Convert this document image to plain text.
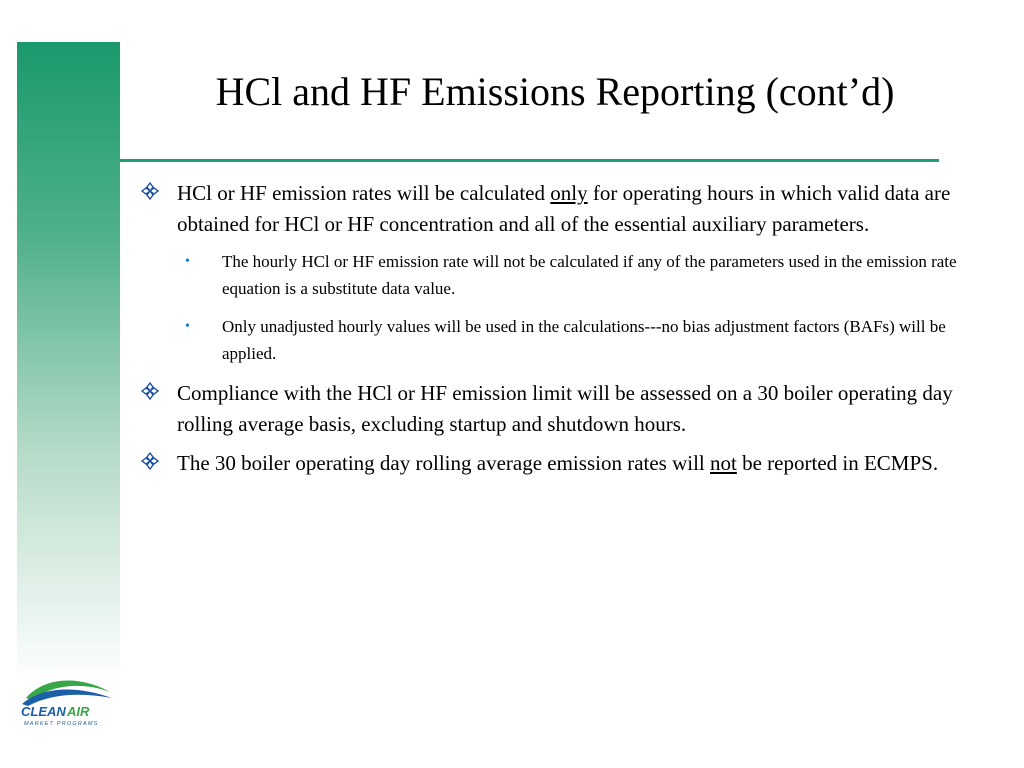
HCl and HF Emissions Reporting (cont’d)

HCl or HF emission rates will be calculated only for operating hours in which valid data are obtained for HCl or HF concentration and all of the essential auxiliary parameters.

• The hourly HCl or HF emission rate will not be calculated if any of the parameters used in the emission rate equation is a substitute data value.

• Only unadjusted hourly values will be used in the calculations---no bias adjustment factors (BAFs) will be applied.

Compliance with the HCl or HF emission limit will be assessed on a 30 boiler operating day rolling average basis, excluding startup and shutdown hours.

The 30 boiler operating day rolling average emission rates will not be reported in ECMPS.

CLEAN AIR
MARKET PROGRAMS
